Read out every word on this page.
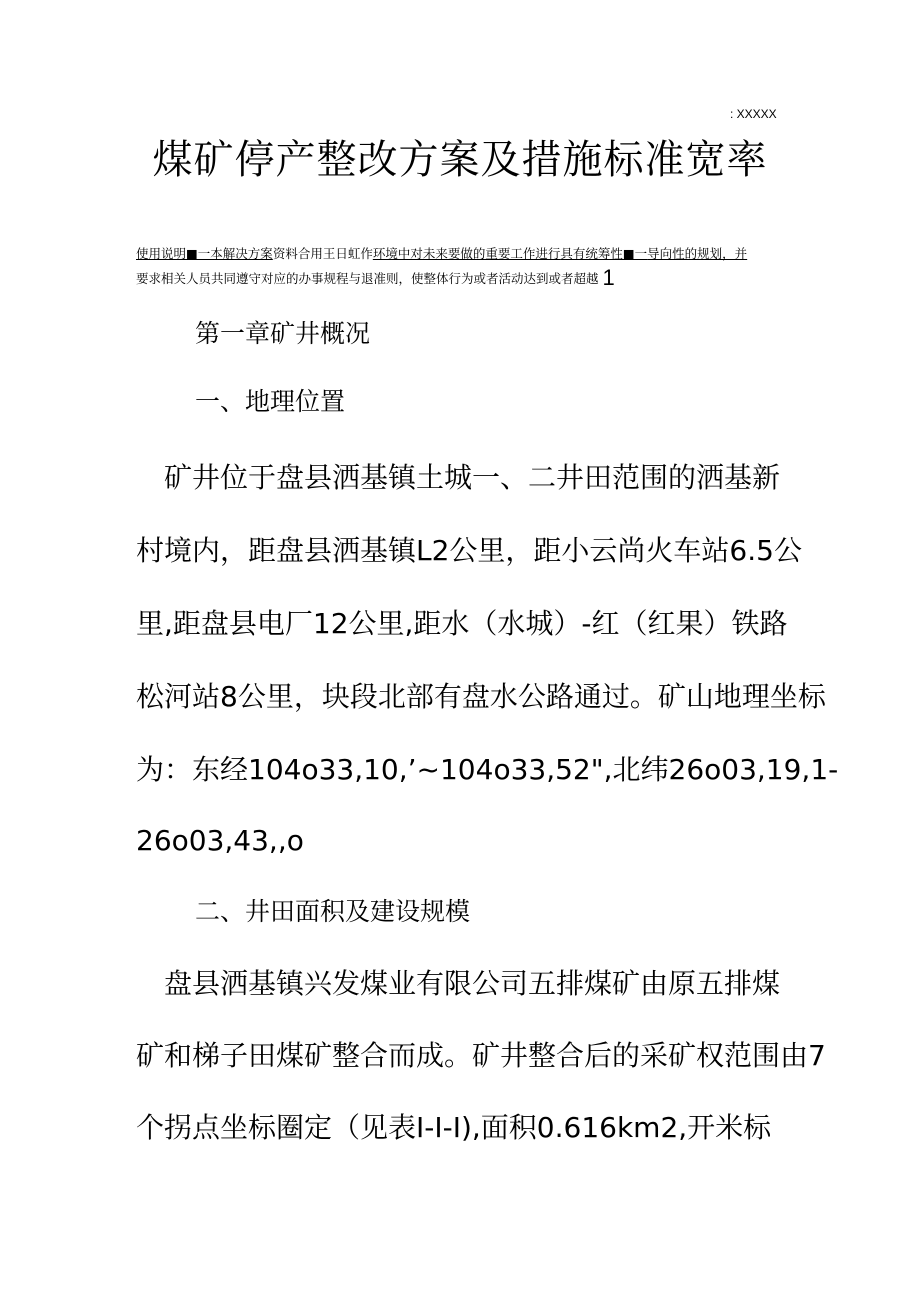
: XXXXX
煤矿停产整改方案及措施标准宽率
使用说明■一本解决方案资料合用王日虹作环境中对未来要做的重要工作进行具有统筹性■一导向性的规划，并
要求相关人员共同遵守对应的办事规程与退准则，使整体行为或者活动达到或者超越 1
第一章矿井概况
一、地理位置
　矿井位于盘县洒基镇土城一、二井田范围的洒基新
村境内，距盘县洒基镇L2公里，距小云尚火车站6.5公
里,距盘县电厂12公里,距水（水城）-红（红果）铁路
松河站8公里，块段北部有盘水公路通过。矿山地理坐标
为：东经104o33,10,’~104o33,52",北纬26o03,19,1-
26o03,43,,o
二、井田面积及建设规模
　盘县洒基镇兴发煤业有限公司五排煤矿由原五排煤
矿和梯子田煤矿整合而成。矿井整合后的采矿权范围由7
个拐点坐标圈定（见表I-I-I),面积0.616km2,开米标
